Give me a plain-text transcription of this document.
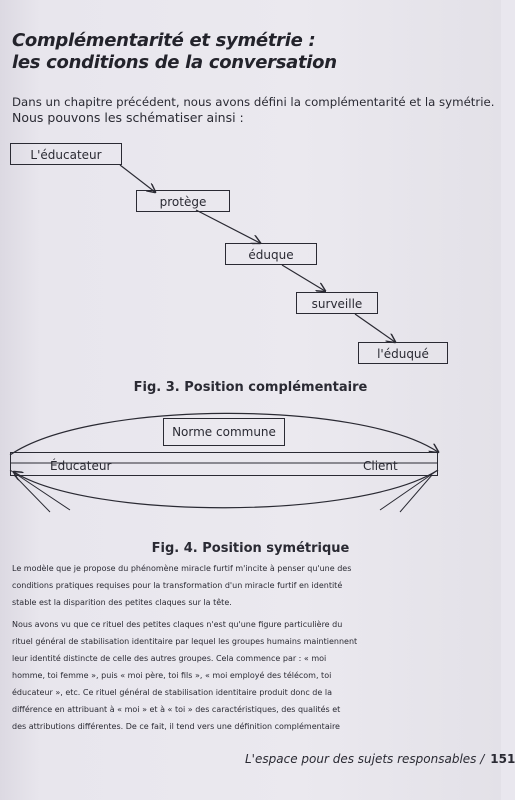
Complémentarité et symétrie :
les conditions de la conversation
Dans un chapitre précédent, nous avons défini la complémentarité et la symétrie.
Nous pouvons les schématiser ainsi :
L'éducateur
protège
éduque
surveille
l'éduqué
Fig. 3. Position complémentaire
Norme commune
Éducateur	Client
Fig. 4. Position symétrique
Le modèle que je propose du phénomène miracle furtif m'incite à penser qu'une des
conditions pratiques requises pour la transformation d'un miracle furtif en identité
stable est la disparition des petites claques sur la tête.
Nous avons vu que ce rituel des petites claques n'est qu'une figure particulière du
rituel général de stabilisation identitaire par lequel les groupes humains maintiennent
leur identité distincte de celle des autres groupes. Cela commence par : « moi
homme, toi femme », puis « moi père, toi fils », « moi employé des télécom, toi
éducateur », etc. Ce rituel général de stabilisation identitaire produit donc de la
différence en attribuant à « moi » et à « toi » des caractéristiques, des qualités et
des attributions différentes. De ce fait, il tend vers une définition complémentaire
L'espace pour des sujets responsables / 151
